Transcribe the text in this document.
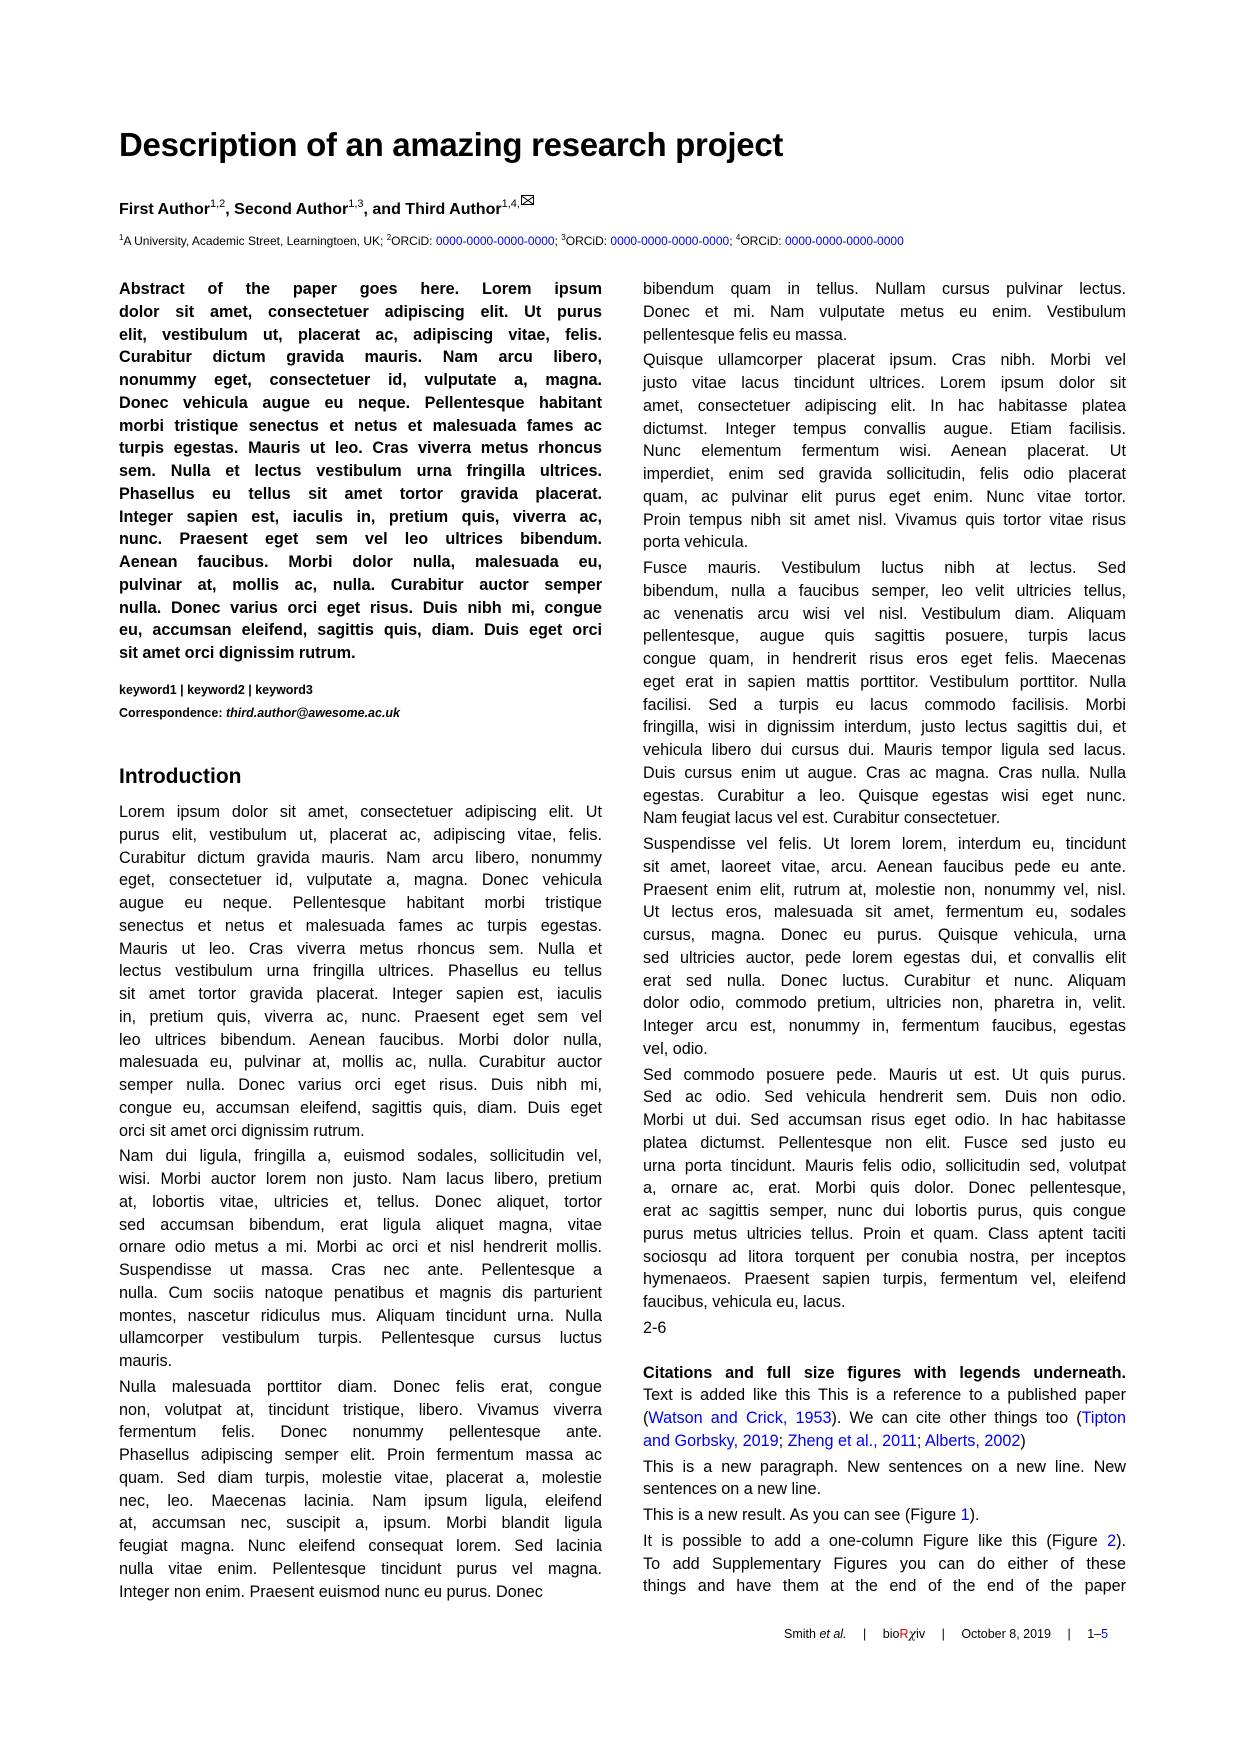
Description of an amazing research project
First Author$^{1,2}$, Second Author$^{1,3}$, and Third Author$^{1,4,}$
$^1$A University, Academic Street, Learningtoen, UK; $^2$ORCiD: 0000-0000-0000-0000; $^3$ORCiD: 0000-0000-0000-0000; $^4$ORCiD: 0000-0000-0000-0000
Abstract of the paper goes here. Lorem ipsum
dolor sit amet, consectetuer adipiscing elit. Ut purus
elit, vestibulum ut, placerat ac, adipiscing vitae, felis.
Curabitur dictum gravida mauris. Nam arcu libero,
nonummy eget, consectetuer id, vulputate a, magna.
Donec vehicula augue eu neque. Pellentesque habitant
morbi tristique senectus et netus et malesuada fames ac
turpis egestas. Mauris ut leo. Cras viverra metus rhoncus
sem. Nulla et lectus vestibulum urna fringilla ultrices.
Phasellus eu tellus sit amet tortor gravida placerat.
Integer sapien est, iaculis in, pretium quis, viverra ac,
nunc. Praesent eget sem vel leo ultrices bibendum.
Aenean faucibus. Morbi dolor nulla, malesuada eu,
pulvinar at, mollis ac, nulla. Curabitur auctor semper
nulla. Donec varius orci eget risus. Duis nibh mi, congue
eu, accumsan eleifend, sagittis quis, diam. Duis eget orci
sit amet orci dignissim rutrum.
keyword1 | keyword2 | keyword3
Correspondence: third.author@awesome.ac.uk
Introduction
Lorem ipsum dolor sit amet, consectetuer adipiscing elit. Ut
purus elit, vestibulum ut, placerat ac, adipiscing vitae, felis.
Curabitur dictum gravida mauris. Nam arcu libero, nonummy
eget, consectetuer id, vulputate a, magna. Donec vehicula
augue eu neque. Pellentesque habitant morbi tristique
senectus et netus et malesuada fames ac turpis egestas.
Mauris ut leo. Cras viverra metus rhoncus sem. Nulla et
lectus vestibulum urna fringilla ultrices. Phasellus eu tellus
sit amet tortor gravida placerat. Integer sapien est, iaculis
in, pretium quis, viverra ac, nunc. Praesent eget sem vel
leo ultrices bibendum. Aenean faucibus. Morbi dolor nulla,
malesuada eu, pulvinar at, mollis ac, nulla. Curabitur auctor
semper nulla. Donec varius orci eget risus. Duis nibh mi,
congue eu, accumsan eleifend, sagittis quis, diam. Duis eget
orci sit amet orci dignissim rutrum.
Nam dui ligula, fringilla a, euismod sodales, sollicitudin vel,
wisi. Morbi auctor lorem non justo. Nam lacus libero, pretium
at, lobortis vitae, ultricies et, tellus. Donec aliquet, tortor
sed accumsan bibendum, erat ligula aliquet magna, vitae
ornare odio metus a mi. Morbi ac orci et nisl hendrerit mollis.
Suspendisse ut massa. Cras nec ante. Pellentesque a
nulla. Cum sociis natoque penatibus et magnis dis parturient
montes, nascetur ridiculus mus. Aliquam tincidunt urna. Nulla
ullamcorper vestibulum turpis. Pellentesque cursus luctus
mauris.
Nulla malesuada porttitor diam. Donec felis erat, congue
non, volutpat at, tincidunt tristique, libero. Vivamus viverra
fermentum felis. Donec nonummy pellentesque ante.
Phasellus adipiscing semper elit. Proin fermentum massa ac
quam. Sed diam turpis, molestie vitae, placerat a, molestie
nec, leo. Maecenas lacinia. Nam ipsum ligula, eleifend
at, accumsan nec, suscipit a, ipsum. Morbi blandit ligula
feugiat magna. Nunc eleifend consequat lorem. Sed lacinia
nulla vitae enim. Pellentesque tincidunt purus vel magna.
Integer non enim. Praesent euismod nunc eu purus. Donec
bibendum quam in tellus. Nullam cursus pulvinar lectus.
Donec et mi. Nam vulputate metus eu enim. Vestibulum
pellentesque felis eu massa.
Quisque ullamcorper placerat ipsum. Cras nibh. Morbi vel
justo vitae lacus tincidunt ultrices. Lorem ipsum dolor sit
amet, consectetuer adipiscing elit. In hac habitasse platea
dictumst. Integer tempus convallis augue. Etiam facilisis.
Nunc elementum fermentum wisi. Aenean placerat. Ut
imperdiet, enim sed gravida sollicitudin, felis odio placerat
quam, ac pulvinar elit purus eget enim. Nunc vitae tortor.
Proin tempus nibh sit amet nisl. Vivamus quis tortor vitae risus
porta vehicula.
Fusce mauris. Vestibulum luctus nibh at lectus. Sed
bibendum, nulla a faucibus semper, leo velit ultricies tellus,
ac venenatis arcu wisi vel nisl. Vestibulum diam. Aliquam
pellentesque, augue quis sagittis posuere, turpis lacus
congue quam, in hendrerit risus eros eget felis. Maecenas
eget erat in sapien mattis porttitor. Vestibulum porttitor. Nulla
facilisi. Sed a turpis eu lacus commodo facilisis. Morbi
fringilla, wisi in dignissim interdum, justo lectus sagittis dui, et
vehicula libero dui cursus dui. Mauris tempor ligula sed lacus.
Duis cursus enim ut augue. Cras ac magna. Cras nulla. Nulla
egestas. Curabitur a leo. Quisque egestas wisi eget nunc.
Nam feugiat lacus vel est. Curabitur consectetuer.
Suspendisse vel felis. Ut lorem lorem, interdum eu, tincidunt
sit amet, laoreet vitae, arcu. Aenean faucibus pede eu ante.
Praesent enim elit, rutrum at, molestie non, nonummy vel, nisl.
Ut lectus eros, malesuada sit amet, fermentum eu, sodales
cursus, magna. Donec eu purus. Quisque vehicula, urna
sed ultricies auctor, pede lorem egestas dui, et convallis elit
erat sed nulla. Donec luctus. Curabitur et nunc. Aliquam
dolor odio, commodo pretium, ultricies non, pharetra in, velit.
Integer arcu est, nonummy in, fermentum faucibus, egestas
vel, odio.
Sed commodo posuere pede. Mauris ut est. Ut quis purus.
Sed ac odio. Sed vehicula hendrerit sem. Duis non odio.
Morbi ut dui. Sed accumsan risus eget odio. In hac habitasse
platea dictumst. Pellentesque non elit. Fusce sed justo eu
urna porta tincidunt. Mauris felis odio, sollicitudin sed, volutpat
a, ornare ac, erat. Morbi quis dolor. Donec pellentesque,
erat ac sagittis semper, nunc dui lobortis purus, quis congue
purus metus ultricies tellus. Proin et quam. Class aptent taciti
sociosqu ad litora torquent per conubia nostra, per inceptos
hymenaeos. Praesent sapien turpis, fermentum vel, eleifend
faucibus, vehicula eu, lacus.
2-6
Citations and full size figures with legends underneath.
Text is added like this This is a reference to a published paper
(Watson and Crick, 1953). We can cite other things too (Tipton
and Gorbsky, 2019; Zheng et al., 2011; Alberts, 2002)
This is a new paragraph. New sentences on a new line. New
sentences on a new line.
This is a new result. As you can see (Figure 1).
It is possible to add a one-column Figure like this (Figure 2).
To add Supplementary Figures you can do either of these
things and have them at the end of the end of the paper
Smith et al. | bioRχiv | October 8, 2019 | 1–5
